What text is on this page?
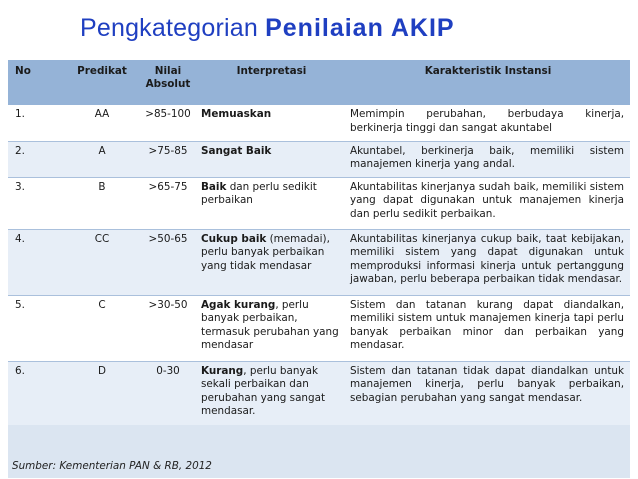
Pengkategorian Penilaian AKIP
No	Predikat	Nilai Absolut	Interpretasi	Karakteristik Instansi
1.	AA	>85-100	Memuaskan	Memimpin perubahan, berbudaya kinerja, berkinerja tinggi dan sangat akuntabel
2.	A	>75-85	Sangat Baik	Akuntabel, berkinerja baik, memiliki sistem manajemen kinerja yang andal.
3.	B	>65-75	Baik dan perlu sedikit perbaikan	Akuntabilitas kinerjanya sudah baik, memiliki sistem yang dapat digunakan untuk manajemen kinerja dan perlu sedikit perbaikan.
4.	CC	>50-65	Cukup baik (memadai), perlu banyak perbaikan yang tidak mendasar	Akuntabilitas kinerjanya cukup baik, taat kebijakan, memiliki sistem yang dapat digunakan untuk memproduksi informasi kinerja untuk pertanggung jawaban, perlu beberapa perbaikan tidak mendasar.
5.	C	>30-50	Agak kurang, perlu banyak perbaikan, termasuk perubahan yang mendasar	Sistem dan tatanan kurang dapat diandalkan, memiliki sistem untuk manajemen kinerja tapi perlu banyak perbaikan minor dan perbaikan yang mendasar.
6.	D	0-30	Kurang, perlu banyak sekali perbaikan dan perubahan yang sangat mendasar.	Sistem dan tatanan tidak dapat diandalkan untuk manajemen kinerja, perlu banyak perbaikan, sebagian perubahan yang sangat mendasar.
Sumber: Kementerian PAN & RB, 2012
